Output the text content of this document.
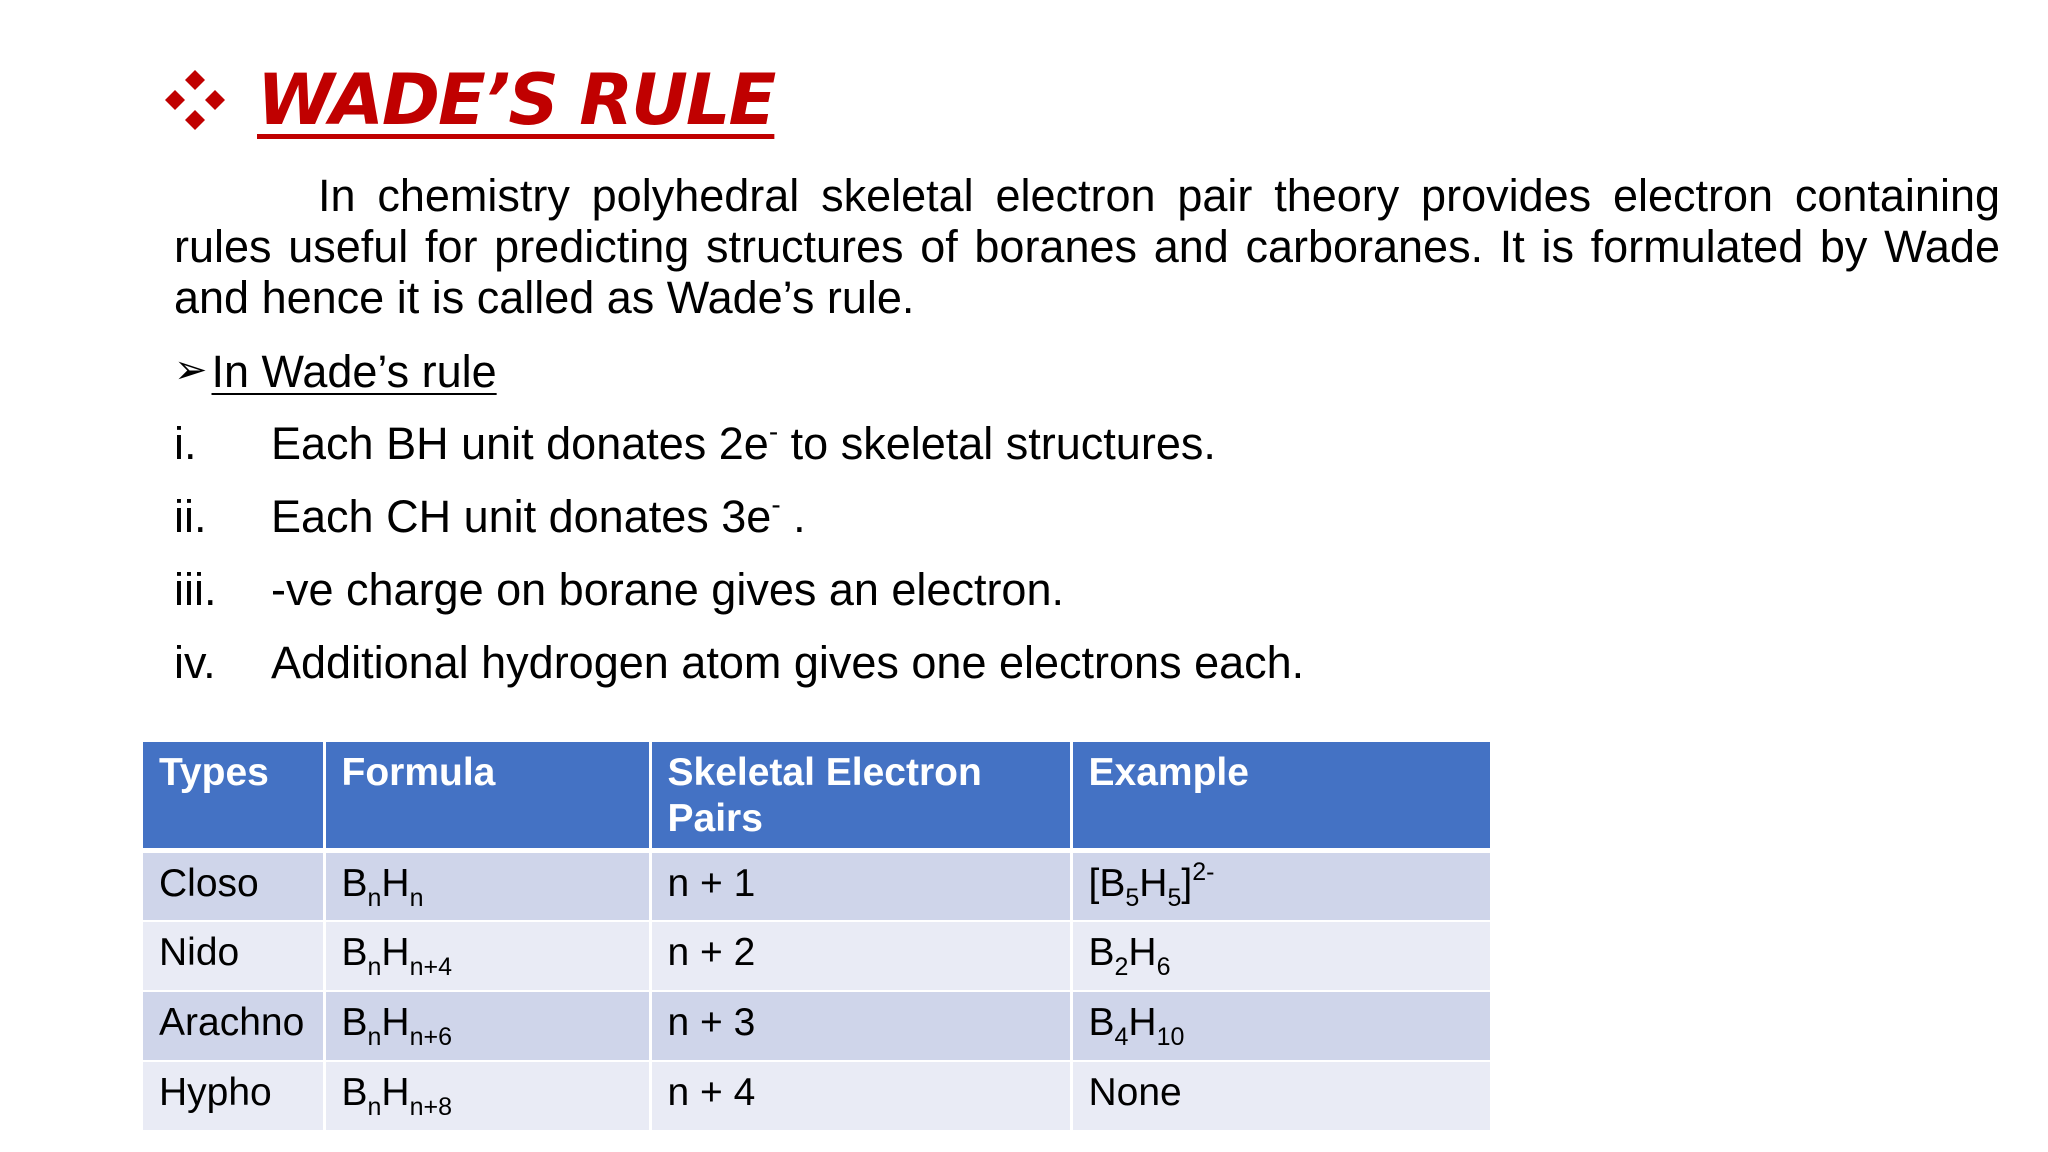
WADE’S RULE

In chemistry polyhedral skeletal electron pair theory provides electron containing rules useful for predicting structures of boranes and carboranes. It is formulated by Wade and hence it is called as Wade’s rule.

➢ In Wade’s rule
i. Each BH unit donates 2e- to skeletal structures.
ii. Each CH unit donates 3e- .
iii. -ve charge on borane gives an electron.
iv. Additional hydrogen atom gives one electrons each.
Types	Formula	Skeletal Electron Pairs	Example
Closo	$B_nH_n$	n + 1	$[B_5H_5]^{2-}$
Nido	$B_nH_{n+4}$	n + 2	$B_2H_6$
Arachno	$B_nH_{n+6}$	n + 3	$B_4H_{10}$
Hypho	$B_nH_{n+8}$	n + 4	None
